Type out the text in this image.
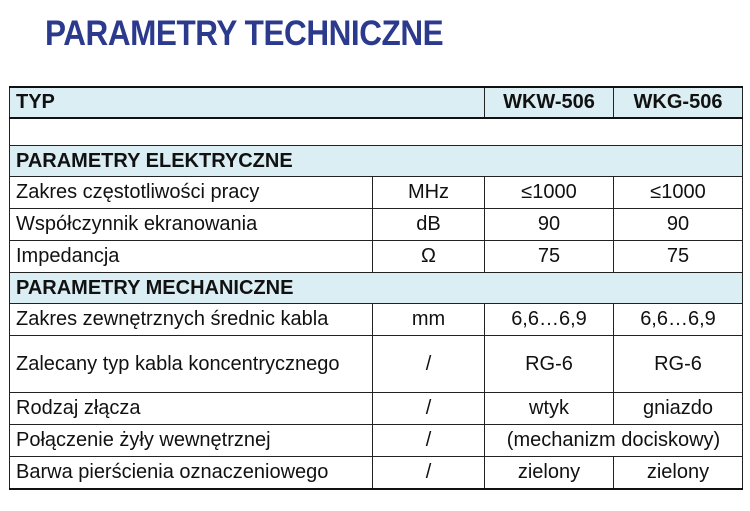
PARAMETRY TECHNICZNE
TYP		WKW-506	WKG-506

PARAMETRY ELEKTRYCZNE			
Zakres częstotliwości pracy	MHz	≤1000	≤1000
Współczynnik ekranowania	dB	90	90
Impedancja	Ω	75	75
PARAMETRY MECHANICZNE			
Zakres zewnętrznych średnic kabla	mm	6,6…6,9	6,6…6,9
Zalecany typ kabla koncentrycznego	/	RG-6	RG-6
Rodzaj złącza	/	wtyk	gniazdo
Połączenie żyły wewnętrznej	/	(mechanizm dociskowy)	
Barwa pierścienia oznaczeniowego	/	zielony	zielony
